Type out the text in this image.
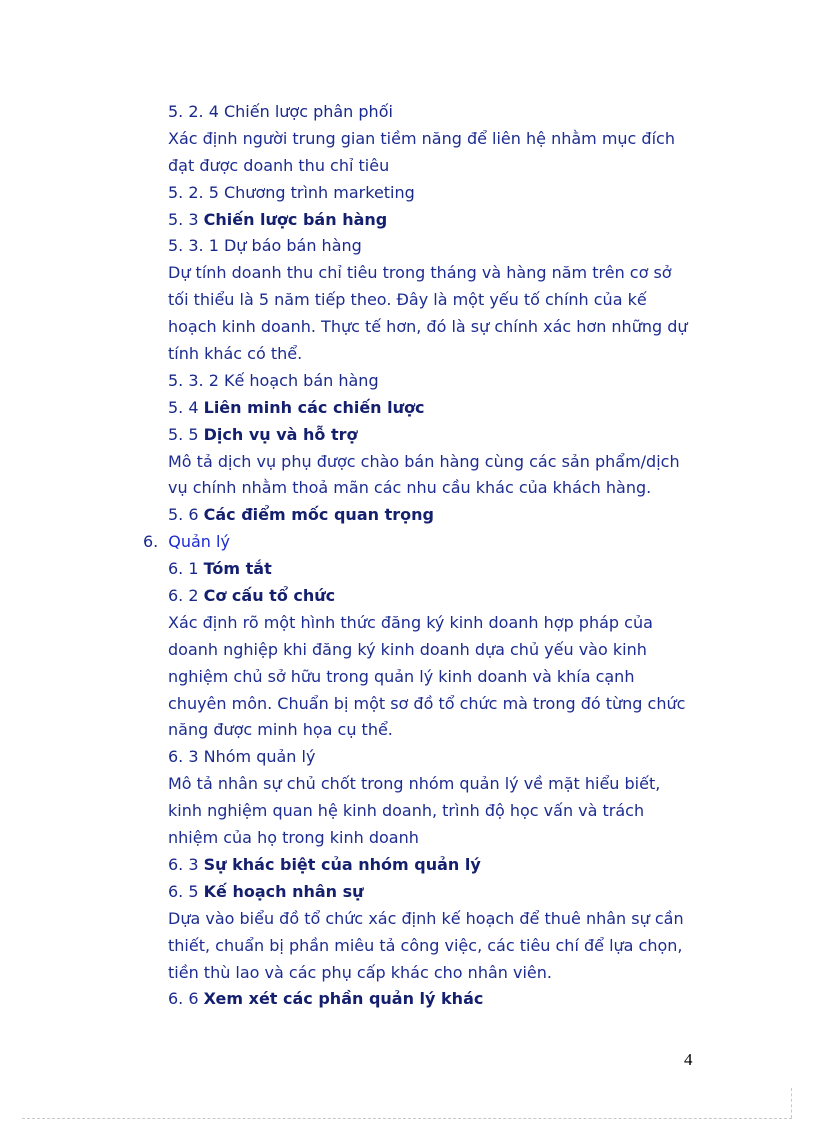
5. 2. 4 Chiến lược phân phối
Xác định người trung gian tiềm năng để liên hệ nhằm mục đích
đạt được doanh thu chỉ tiêu
5. 2. 5 Chương trình marketing
5. 3 Chiến lược bán hàng
5. 3. 1 Dự báo bán hàng
Dự tính doanh thu chỉ tiêu trong tháng và hàng năm trên cơ sở
tối thiểu là 5 năm tiếp theo. Đây là một yếu tố chính của kế
hoạch kinh doanh. Thực tế hơn, đó là sự chính xác hơn những dự
tính khác có thể.
5. 3. 2 Kế hoạch bán hàng
5. 4 Liên minh các chiến lược
5. 5 Dịch vụ và hỗ trợ
Mô tả dịch vụ phụ được chào bán hàng cùng các sản phẩm/dịch
vụ chính nhằm thoả mãn các nhu cầu khác của khách hàng.
5. 6 Các điểm mốc quan trọng
6. Quản lý
6. 1 Tóm tắt
6. 2 Cơ cấu tổ chức
Xác định rõ một hình thức đăng ký kinh doanh hợp pháp của
doanh nghiệp khi đăng ký kinh doanh dựa chủ yếu vào kinh
nghiệm chủ sở hữu trong quản lý kinh doanh và khía cạnh
chuyên môn. Chuẩn bị một sơ đồ tổ chức mà trong đó từng chức
năng được minh họa cụ thể.
6. 3 Nhóm quản lý
Mô tả nhân sự chủ chốt trong nhóm quản lý về mặt hiểu biết,
kinh nghiệm quan hệ kinh doanh, trình độ học vấn và trách
nhiệm của họ trong kinh doanh
6. 3 Sự khác biệt của nhóm quản lý
6. 5 Kế hoạch nhân sự
Dựa vào biểu đồ tổ chức xác định kế hoạch để thuê nhân sự cần
thiết, chuẩn bị phần miêu tả công việc, các tiêu chí để lựa chọn,
tiền thù lao và các phụ cấp khác cho nhân viên.
6. 6 Xem xét các phần quản lý khác
4
